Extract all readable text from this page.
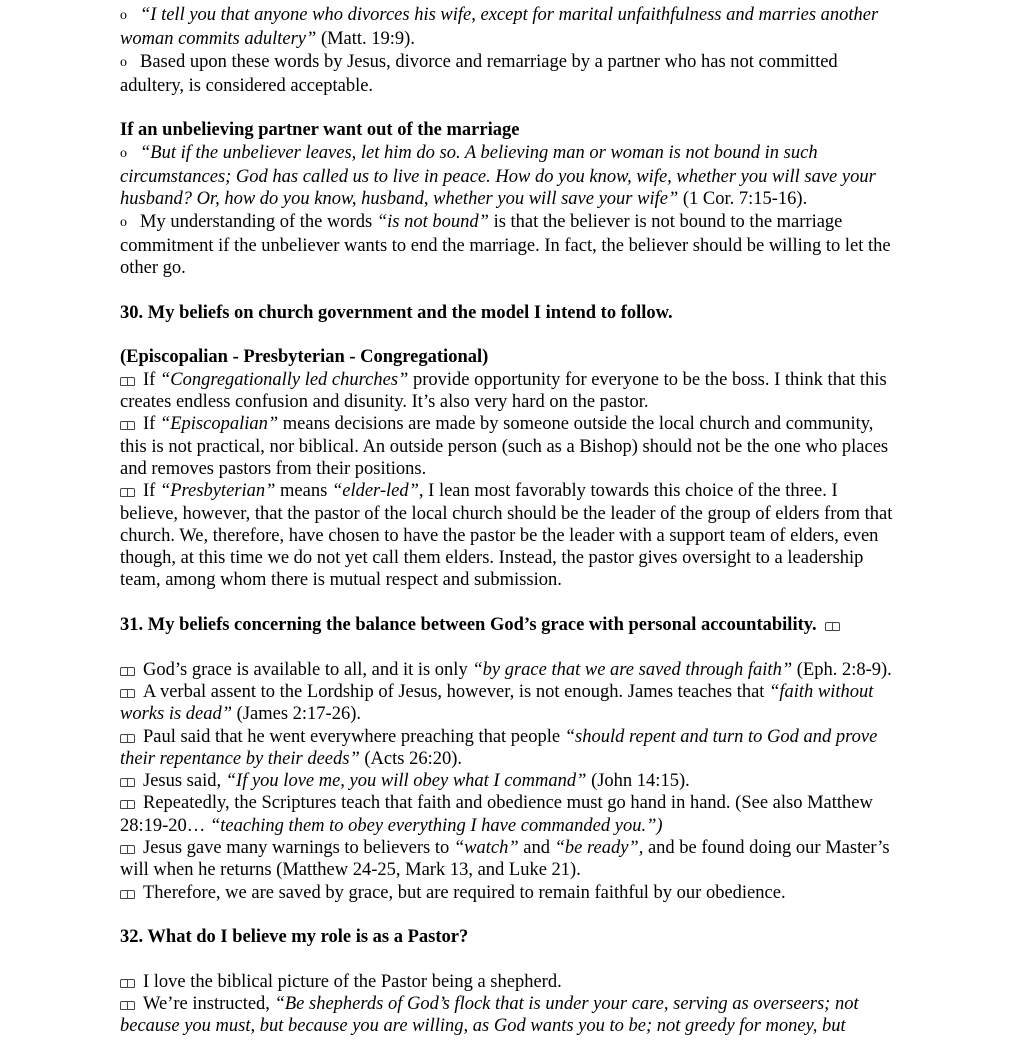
o “I tell you that anyone who divorces his wife, except for marital unfaithfulness and marries another woman commits adultery” (Matt. 19:9).

o Based upon these words by Jesus, divorce and remarriage by a partner who has not committed adultery, is considered acceptable.

If an unbelieving partner want out of the marriage

o “But if the unbeliever leaves, let him do so. A believing man or woman is not bound in such circumstances; God has called us to live in peace. How do you know, wife, whether you will save your husband? Or, how do you know, husband, whether you will save your wife” (1 Cor. 7:15-16).

o My understanding of the words “is not bound” is that the believer is not bound to the marriage commitment if the unbeliever wants to end the marriage. In fact, the believer should be willing to let the other go.

30. My beliefs on church government and the model I intend to follow.

(Episcopalian - Presbyterian - Congregational)

If “Congregationally led churches” provide opportunity for everyone to be the boss. I think that this creates endless confusion and disunity. It’s also very hard on the pastor.

If “Episcopalian” means decisions are made by someone outside the local church and community, this is not practical, nor biblical. An outside person (such as a Bishop) should not be the one who places and removes pastors from their positions.

If “Presbyterian” means “elder-led”, I lean most favorably towards this choice of the three. I believe, however, that the pastor of the local church should be the leader of the group of elders from that church. We, therefore, have chosen to have the pastor be the leader with a support team of elders, even though, at this time we do not yet call them elders. Instead, the pastor gives oversight to a leadership team, among whom there is mutual respect and submission.

31. My beliefs concerning the balance between God’s grace with personal accountability.

God’s grace is available to all, and it is only “by grace that we are saved through faith” (Eph. 2:8-9).

A verbal assent to the Lordship of Jesus, however, is not enough. James teaches that “faith without works is dead” (James 2:17-26).

Paul said that he went everywhere preaching that people “should repent and turn to God and prove their repentance by their deeds” (Acts 26:20).

Jesus said, “If you love me, you will obey what I command” (John 14:15).

Repeatedly, the Scriptures teach that faith and obedience must go hand in hand. (See also Matthew 28:19-20… “teaching them to obey everything I have commanded you.”)

Jesus gave many warnings to believers to “watch” and “be ready”, and be found doing our Master’s will when he returns (Matthew 24-25, Mark 13, and Luke 21).

Therefore, we are saved by grace, but are required to remain faithful by our obedience.

32. What do I believe my role is as a Pastor?

I love the biblical picture of the Pastor being a shepherd.

We’re instructed, “Be shepherds of God’s flock that is under your care, serving as overseers; not because you must, but because you are willing, as God wants you to be; not greedy for money, but
